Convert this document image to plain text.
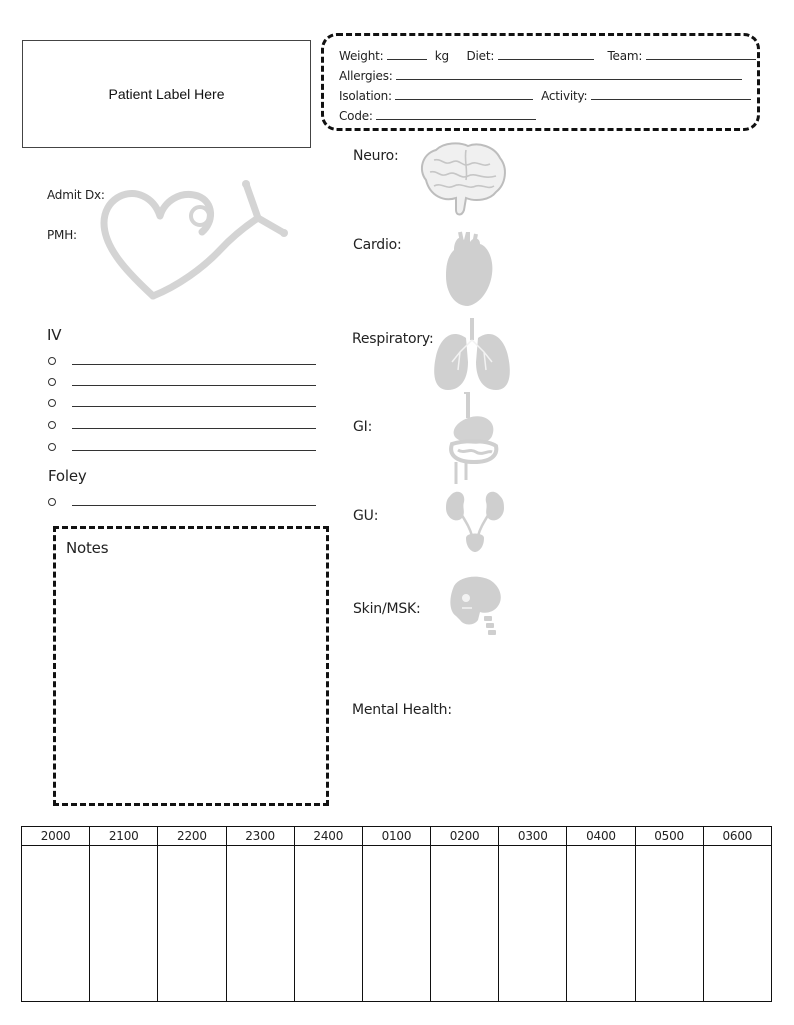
Patient Label Here
Weight:	kg Diet:	Team:
Allergies:
Isolation:	Activity:
Code:
Admit Dx:
PMH:
IV
Foley
Notes
Neuro:
Cardio:
Respiratory:
GI:
GU:
Skin/MSK:
Mental Health:
2000	2100	2200	2300	2400	0100	0200	0300	0400	0500	0600
